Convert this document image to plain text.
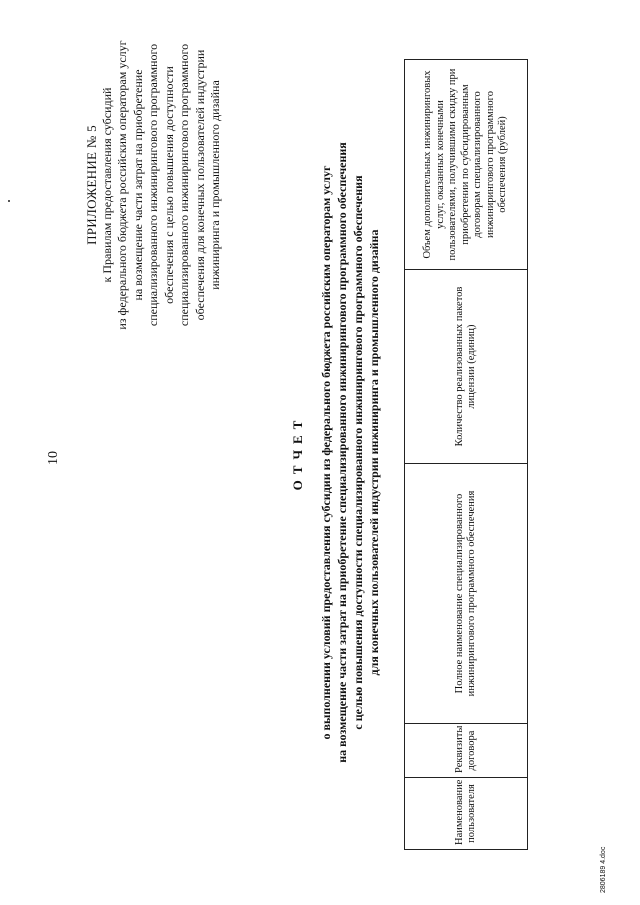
10
ПРИЛОЖЕНИЕ № 5 к Правилам предоставления субсидий из федерального бюджета российским операторам услуг на возмещение части затрат на приобретение специализированного инжинирингового программного обеспечения с целью повышения доступности специализированного инжинирингового программного обеспечения для конечных пользователей индустрии инжиниринга и промышленного дизайна
ОТЧЕТ о выполнении условий предоставления субсидии из федерального бюджета российским операторам услуг на возмещение части затрат на приобретение специализированного инжинирингового программного обеспечения с целью повышения доступности специализированного инжинирингового программного обеспечения для конечных пользователей индустрии инжиниринга и промышленного дизайна
Наименование пользователя	Реквизиты договора	Полное наименование специализированного инжинирингового программного обеспечения	Количество реализованных пакетов лицензии (единиц)	Объем дополнительных инжиниринговых услуг, оказанных конечными пользователями, получившими скидку при приобретении по субсидированным договорам специализированного инжинирингового программного обеспечения (рублей)
2806189 4.doc
